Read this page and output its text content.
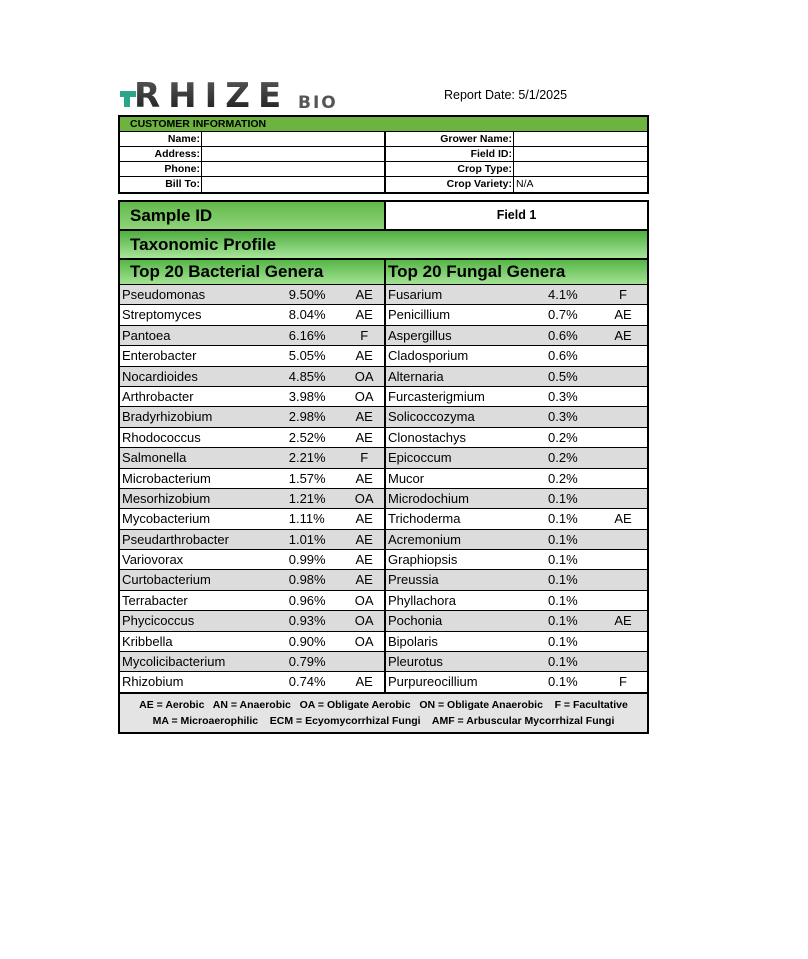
RHIZE BIO	Report Date: 5/1/2025
CUSTOMER INFORMATION
Name:	Grower Name:
Address:	Field ID:
Phone:	Crop Type:
Bill To:	Crop Variety: N/A
Sample ID	Field 1
Taxonomic Profile
Top 20 Bacterial Genera	Top 20 Fungal Genera
Pseudomonas	9.50%	AE	Fusarium	4.1%	F
Streptomyces	8.04%	AE	Penicillium	0.7%	AE
Pantoea	6.16%	F	Aspergillus	0.6%	AE
Enterobacter	5.05%	AE	Cladosporium	0.6%
Nocardioides	4.85%	OA	Alternaria	0.5%
Arthrobacter	3.98%	OA	Furcasterigmium	0.3%
Bradyrhizobium	2.98%	AE	Solicoccozyma	0.3%
Rhodococcus	2.52%	AE	Clonostachys	0.2%
Salmonella	2.21%	F	Epicoccum	0.2%
Microbacterium	1.57%	AE	Mucor	0.2%
Mesorhizobium	1.21%	OA	Microdochium	0.1%
Mycobacterium	1.11%	AE	Trichoderma	0.1%	AE
Pseudarthrobacter	1.01%	AE	Acremonium	0.1%
Variovorax	0.99%	AE	Graphiopsis	0.1%
Curtobacterium	0.98%	AE	Preussia	0.1%
Terrabacter	0.96%	OA	Phyllachora	0.1%
Phycicoccus	0.93%	OA	Pochonia	0.1%	AE
Kribbella	0.90%	OA	Bipolaris	0.1%
Mycolicibacterium	0.79%	Pleurotus	0.1%
Rhizobium	0.74%	AE	Purpureocillium	0.1%	F
AE = Aerobic   AN = Anaerobic   OA = Obligate Aerobic   ON = Obligate Anaerobic    F = Facultative
MA = Microaerophilic    ECM = Ecyomycorrhizal Fungi    AMF = Arbuscular Mycorrhizal Fungi
